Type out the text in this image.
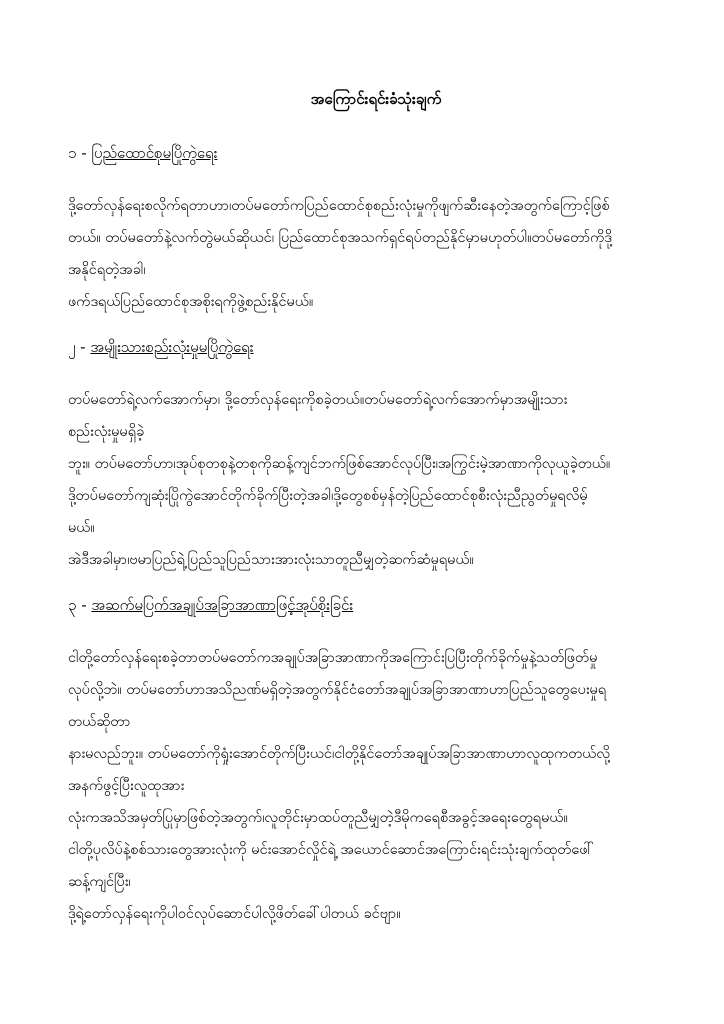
အကြောင်းရင်းခံသုံးချက်
၁ - ပြည်ထောင်စုမပြိုကွဲရေး

ဒို့တော်လှန်ရေးစလိုက်ရတာဟာ၊တပ်မတော်ကပြည်ထောင်စုစည်းလုံးမှုကိုဖျက်ဆီးနေတဲ့အတွက်ကြောင့်ဖြစ်

တယ်။ တပ်မတော်နဲ့လက်တွဲမယ်ဆိုယင်၊ ပြည်ထောင်စုအသက်ရှင်ရပ်တည်နိုင်မှာမဟုတ်ပါ။တပ်မတော်ကိုဒို့

အနိုင်ရတဲ့အခါ၊

ဖက်ဒရယ်ပြည်ထောင်စုအစိုးရကိုဖွဲ့စည်းနိုင်မယ်။

၂ - အမျိုးသားစည်းလုံးမှုမပြိုကွဲရေး

တပ်မတော်ရဲ့လက်အောက်မှာ၊ ဒို့တော်လှန်ရေးကိုစခဲ့တယ်။တပ်မတော်ရဲ့လက်အောက်မှာအမျိုးသား

စည်းလုံးမှုမရှိခဲ့

ဘူး။ တပ်မတော်ဟာ၊အုပ်စုတစုနဲ့တစုကိုဆန့်ကျင်ဘက်ဖြစ်အောင်လုပ်ပြီး၊အကြွင်းမဲ့အာဏာကိုလုယူခဲ့တယ်။

ဒို့တပ်မတော်ကျဆုံးပြိုကွဲအောင်တိုက်ခိုက်ပြီးတဲ့အခါ၊ဒို့တွေစစ်မှန်တဲ့ပြည်ထောင်စုစီးလုံးညီညွတ်မှုရလိမ့်

မယ်။

အဲဒီအခါမှာ၊ဗမာပြည်ရဲ့ပြည်သူပြည်သားအားလုံးသာတူညီမျှတဲ့ဆက်ဆံမှုရမယ်။

၃ - အဆက်မပြက်အချုပ်အခြာအာဏာဖြင့်အုပ်စိုးခြင်း

ငါတို့တော်လှန်ရေးစခဲ့တာတပ်မတော်ကအချုပ်အခြာအာဏာကိုအကြောင်းပြပြီးတိုက်ခိုက်မှုနဲ့သတ်ဖြတ်မှု

လုပ်လို့ဘဲ။ တပ်မတော်ဟာအသိညဏ်မရှိတဲ့အတွက်နိုင်ငံတော်အချုပ်အခြာအာဏာဟာပြည်သူတွေပေးမှုရ

တယ်ဆိုတာ

နားမလည်ဘူး။ တပ်မတော်ကိုရှုံးအောင်တိုက်ပြီးယင်၊ငါတို့နိုင်တော်အချုပ်အခြာအာဏာဟာလူထုကတယ်လို့

အနက်ဖွင့်ပြီးလူထုအား

လုံးကအသိအမှတ်ပြုမှာဖြစ်တဲ့အတွက်၊လူတိုင်းမှာထပ်တူညီမျှတဲ့ဒီမိုကရေစီအခွင့်အရေးတွေရမယ်။

ငါတို့ပုလိပ်နဲ့စစ်သားတွေအားလုံးကို မင်းအောင်လှိုင်ရဲ့ အယောင်ဆောင်အကြောင်းရင်းသုံးချက်ထုတ်ဖေါ်

ဆန့်ကျင်ပြီး၊

ဒို့ရဲ့တော်လှန်ရေးကိုပါဝင်လုပ်ဆောင်ပါလို့ဖိတ်ခေါ်ပါတယ် ခင်ဗျာ။
